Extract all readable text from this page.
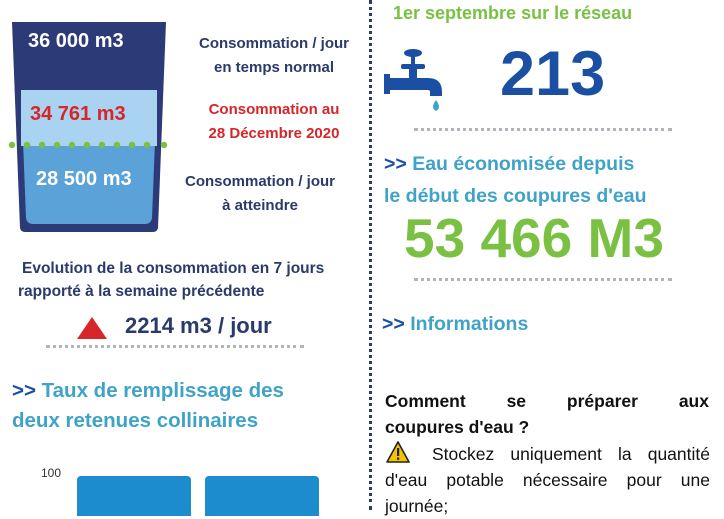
36 000 m3
34 761 m3
28 500 m3
Consommation / jour
en temps normal
Consommation au
28 Décembre 2020
Consommation / jour
à atteindre
Evolution de la consommation en 7 jours
rapporté à la semaine précédente
2214 m3 / jour
>> Taux de remplissage des
deux retenues collinaires
100
1er septembre sur le réseau
213
>> Eau économisée depuis
le début des coupures d'eau
53 466 M3
>> Informations
Comment se préparer aux
coupures d'eau ?
Stockez uniquement la quantité
d'eau potable nécessaire pour une
journée;
